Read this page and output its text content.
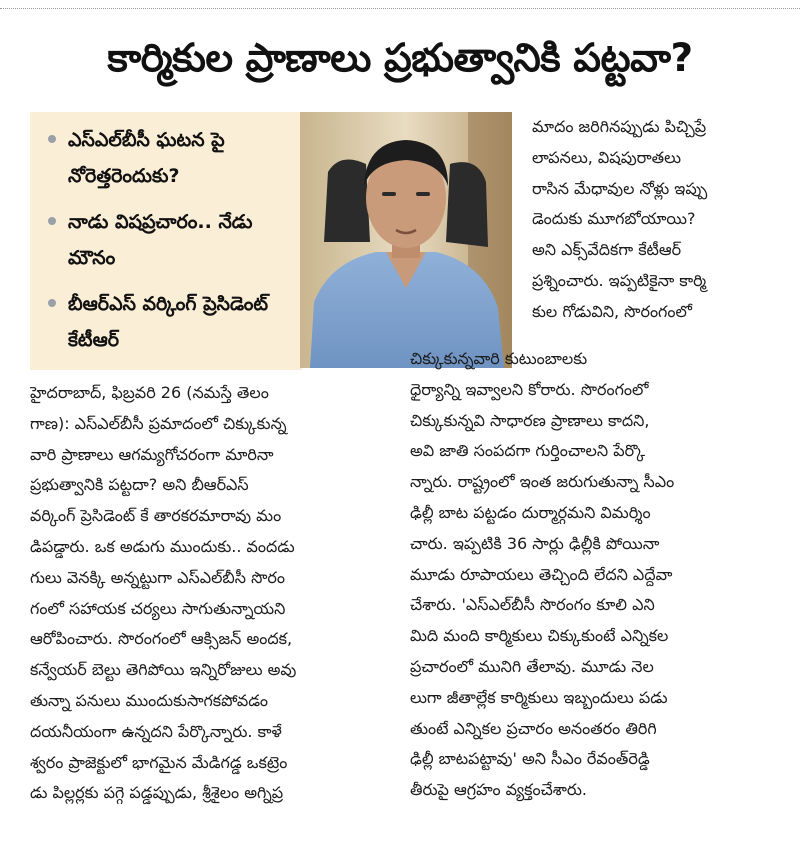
కార్మికుల ప్రాణాలు ప్రభుత్వానికి పట్టవా?
ఎస్ఎల్‌బీసీ ఘటన పై నోరెత్తరెందుకు?
నాడు విషప్రచారం.. నేడు మౌనం
బీఆర్ఎస్ వర్కింగ్ ప్రెసిడెంట్ కేటీఆర్
మాదం జరిగినప్పుడు పిచ్చిప్రే
లాపనలు, విషపురాతలు
రాసిన మేధావుల నోళ్లు ఇప్పు
డెందుకు మూగబోయాయి?
అని ఎక్స్‌వేదికగా కేటీఆర్
ప్రశ్నించారు. ఇప్పటికైనా కార్మి
కుల గోడువిని, సొరంగంలో
చిక్కుకున్నవారి కుటుంబాలకు
ధైర్యాన్ని ఇవ్వాలని కోరారు. సొరంగంలో
చిక్కుకున్నవి సాధారణ ప్రాణాలు కాదని,
అవి జాతి సంపదగా గుర్తించాలని పేర్కొ
న్నారు. రాష్ట్రంలో ఇంత జరుగుతున్నా సీఎం
ఢిల్లీ బాట పట్టడం దుర్మార్గమని విమర్శిం
చారు. ఇప్పటికి 36 సార్లు ఢిల్లీకి పోయినా
మూడు రూపాయలు తెచ్చింది లేదని ఎద్దేవా
చేశారు. 'ఎస్ఎల్‌బీసీ సొరంగం కూలి ఎని
మిది మంది కార్మికులు చిక్కుకుంటే ఎన్నికల
ప్రచారంలో మునిగి తేలావు. మూడు నెల
లుగా జీతాల్లేక కార్మికులు ఇబ్బందులు పడు
తుంటే ఎన్నికల ప్రచారం అనంతరం తిరిగి
ఢిల్లీ బాటపట్టావు' అని సీఎం రేవంత్‌రెడ్డి
తీరుపై ఆగ్రహం వ్యక్తంచేశారు.
హైదరాబాద్, ఫిబ్రవరి 26 (నమస్తే తెలం
గాణ): ఎస్ఎల్‌బీసీ ప్రమాదంలో చిక్కుకున్న
వారి ప్రాణాలు ఆగమ్యగోచరంగా మారినా
ప్రభుత్వానికి పట్టదా? అని బీఆర్ఎస్
వర్కింగ్ ప్రెసిడెంట్ కే తారకరమారావు మం
డిపడ్డారు. ఒక అడుగు ముందుకు.. వందడు
గులు వెనక్కి అన్నట్టుగా ఎస్ఎల్‌బీసీ సొరం
గంలో సహాయక చర్యలు సాగుతున్నాయని
ఆరోపించారు. సొరంగంలో ఆక్సిజన్ అందక,
కన్వేయర్ బెల్టు తెగిపోయి ఇన్నిరోజులు అవు
తున్నా పనులు ముందుకుసాగకపోవడం
దయనీయంగా ఉన్నదని పేర్కొన్నారు. కాళే
శ్వరం ప్రాజెక్టులో భాగమైన మేడిగడ్డ ఒకట్రెం
డు పిల్లర్లకు పగ్గె పడ్డప్పుడు, శ్రీశైలం అగ్నిప్ర
